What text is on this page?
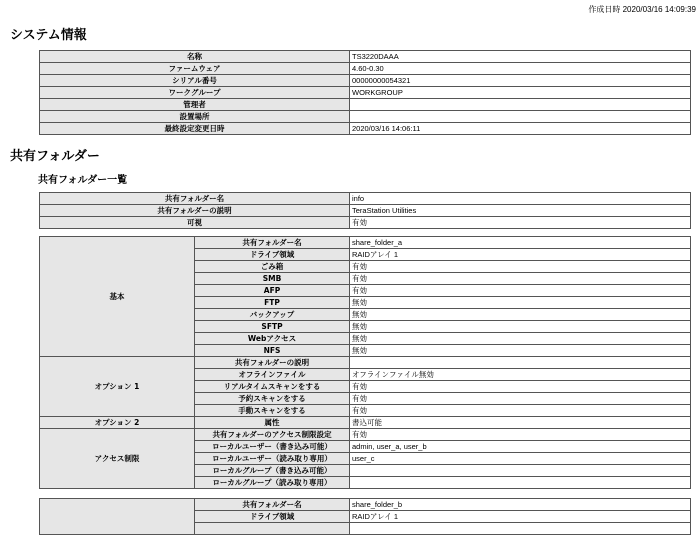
作成日時 2020/03/16 14:09:39
システム情報
名称	TS3220DAAA
ファームウェア	4.60-0.30
シリアル番号	00000000054321
ワークグループ	WORKGROUP
管理者	
設置場所	
最終設定変更日時	2020/03/16 14:06:11
共有フォルダー
共有フォルダー一覧
共有フォルダー名	info
共有フォルダーの説明	TeraStation Utilities
可視	有効
基本	共有フォルダー名	share_folder_a
	ドライブ領域	RAIDアレイ 1
	ごみ箱	有効
	SMB	有効
	AFP	有効
	FTP	無効
	バックアップ	無効
	SFTP	無効
	Webアクセス	無効
	NFS	無効
オプション 1	共有フォルダーの説明	
	オフラインファイル	オフラインファイル無効
	リアルタイムスキャンをする	有効
	予約スキャンをする	有効
	手動スキャンをする	有効
オプション 2	属性	書込可能
アクセス制限	共有フォルダーのアクセス制限設定	有効
	ローカルユーザー（書き込み可能）	admin, user_a, user_b
	ローカルユーザー（読み取り専用）	user_c
	ローカルグループ（書き込み可能）	
	ローカルグループ（読み取り専用）	
	共有フォルダー名	share_folder_b
	ドライブ領域	RAIDアレイ 1
